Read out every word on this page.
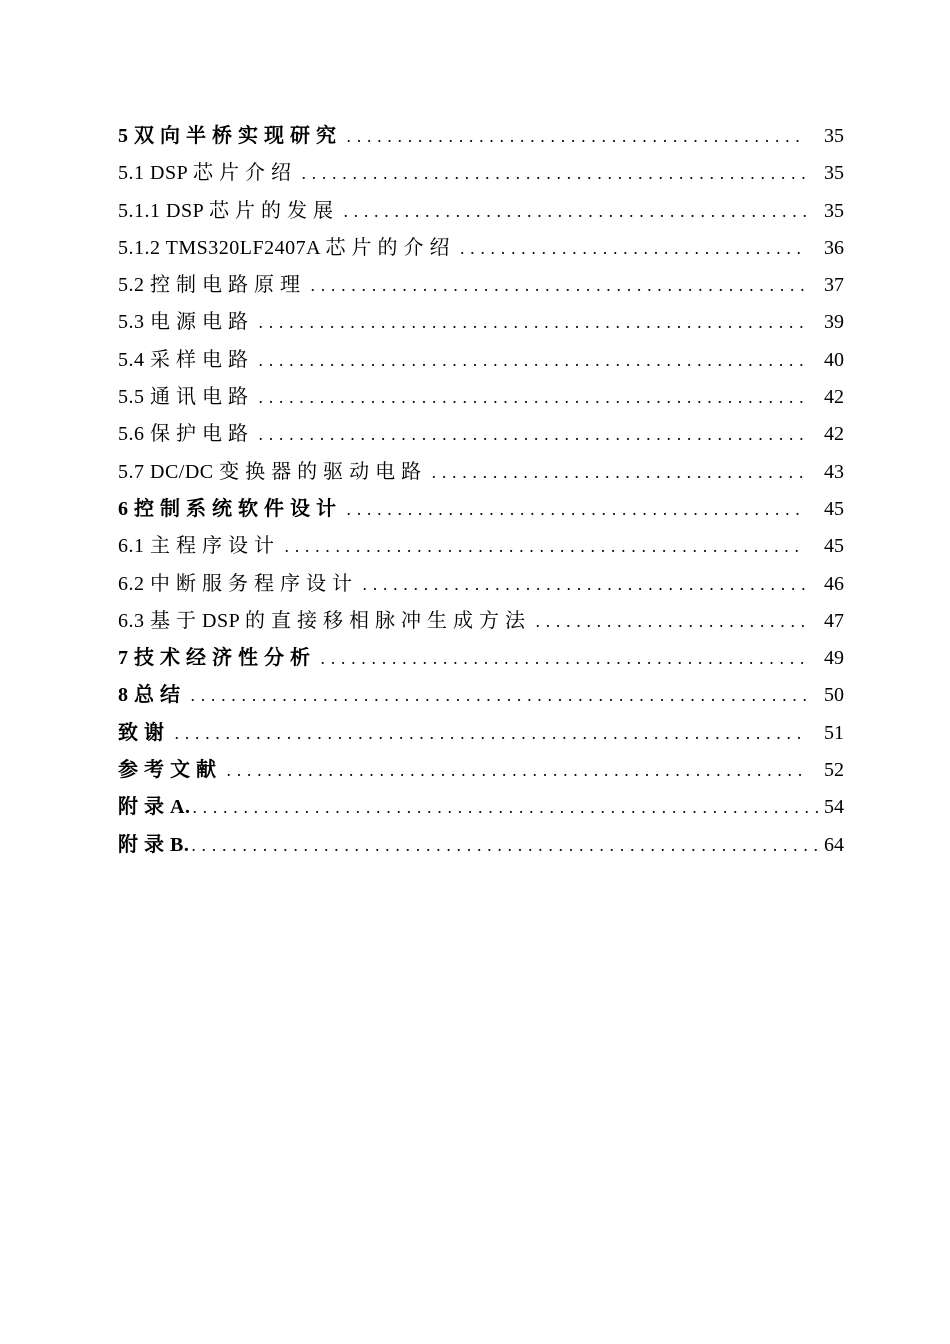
5 双 向 半 桥 实 现 研 究 . . .	35
5.1 DSP 芯 片 介 绍 . . .	35
5.1.1 DSP 芯 片 的 发 展 . . .	35
5.1.2 TMS320LF2407A 芯 片 的 介 绍 . . .	36
5.2 控 制 电 路 原 理 . . .	37
5.3 电 源 电 路 . . .	39
5.4 采 样 电 路 . . .	40
5.5 通 讯 电 路 . . .	42
5.6 保 护 电 路 . . .	42
5.7 DC/DC 变 换 器 的 驱 动 电 路 . . .	43
6 控 制 系 统 软 件 设 计 . . .	45
6.1 主 程 序 设 计 . . .	45
6.2 中 断 服 务 程 序 设 计 . . .	46
6.3 基 于 DSP 的 直 接 移 相 脉 冲 生 成 方 法 . . .	47
7 技 术 经 济 性 分 析 . . .	49
8 总 结 . . .	50
致 谢 . . .	51
参 考 文 献 . . .	52
附 录 A. . . .	54
附 录 B. . . .	64
